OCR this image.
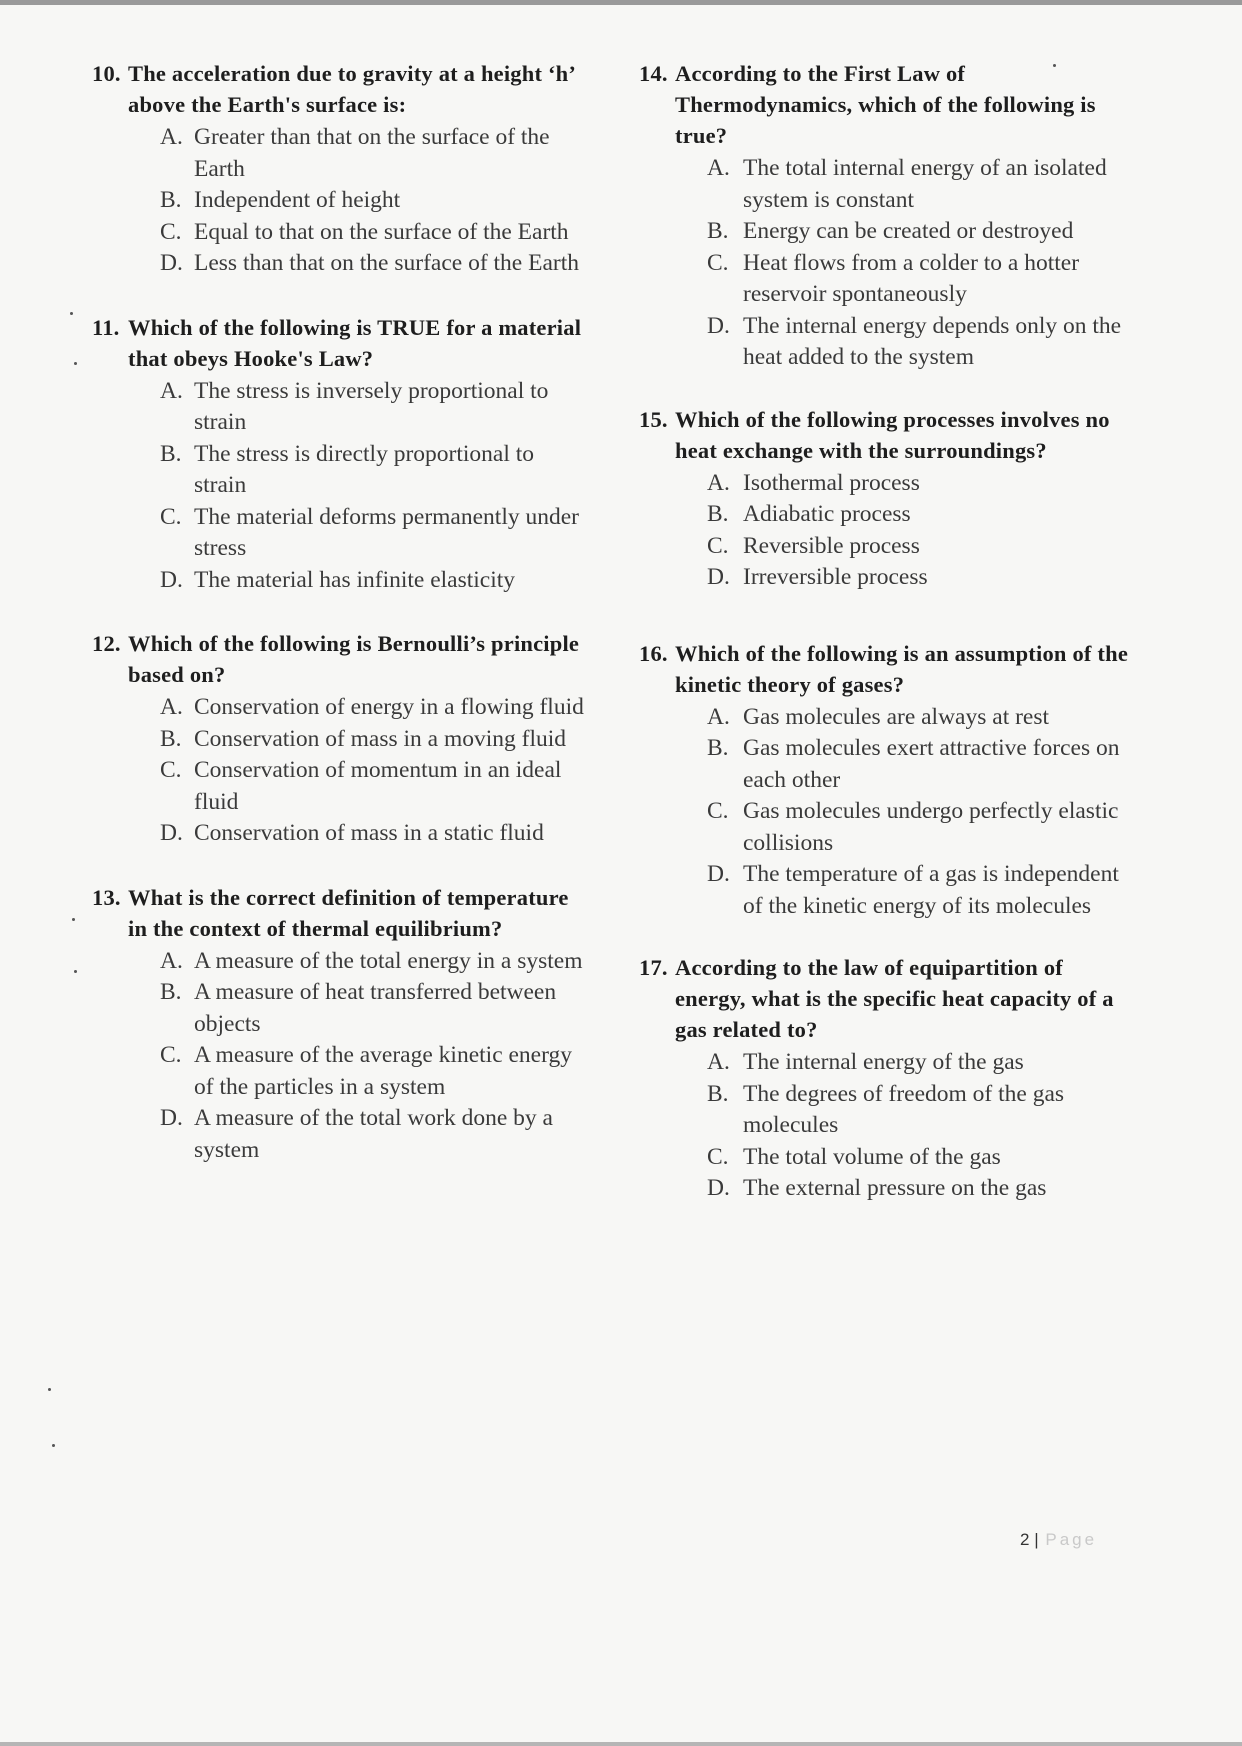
10. The acceleration due to gravity at a height ‘h’ above the Earth's surface is:
A. Greater than that on the surface of the Earth
B. Independent of height
C. Equal to that on the surface of the Earth
D. Less than that on the surface of the Earth
11. Which of the following is TRUE for a material that obeys Hooke's Law?
A. The stress is inversely proportional to strain
B. The stress is directly proportional to strain
C. The material deforms permanently under stress
D. The material has infinite elasticity
12. Which of the following is Bernoulli’s principle based on?
A. Conservation of energy in a flowing fluid
B. Conservation of mass in a moving fluid
C. Conservation of momentum in an ideal fluid
D. Conservation of mass in a static fluid
13. What is the correct definition of temperature in the context of thermal equilibrium?
A. A measure of the total energy in a system
B. A measure of heat transferred between objects
C. A measure of the average kinetic energy of the particles in a system
D. A measure of the total work done by a system
14. According to the First Law of Thermodynamics, which of the following is true?
A. The total internal energy of an isolated system is constant
B. Energy can be created or destroyed
C. Heat flows from a colder to a hotter reservoir spontaneously
D. The internal energy depends only on the heat added to the system
15. Which of the following processes involves no heat exchange with the surroundings?
A. Isothermal process
B. Adiabatic process
C. Reversible process
D. Irreversible process
16. Which of the following is an assumption of the kinetic theory of gases?
A. Gas molecules are always at rest
B. Gas molecules exert attractive forces on each other
C. Gas molecules undergo perfectly elastic collisions
D. The temperature of a gas is independent of the kinetic energy of its molecules
17. According to the law of equipartition of energy, what is the specific heat capacity of a gas related to?
A. The internal energy of the gas
B. The degrees of freedom of the gas molecules
C. The total volume of the gas
D. The external pressure on the gas
2 | Page
